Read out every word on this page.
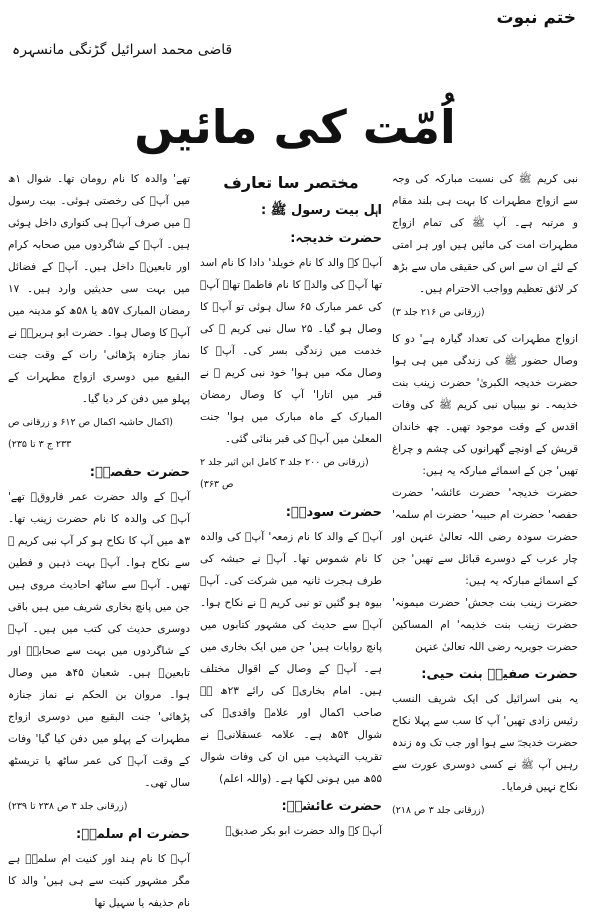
ختم نبوت
قاضی محمد اسرائیل گڑنگی مانسہرہ
اُمّت کی مائیں

نبی کریم ﷺ کی نسبت مبارکہ کی وجہ سے ازواج مطہرات کا بہت ہی بلند مقام و مرتبہ ہے۔ آپ ﷺ کی تمام ازواج مطہرات امت کی مائیں ہیں اور ہر امتی کے لئے ان سے اس کی حقیقی ماں سے بڑھ کر لائق تعظیم وواجب الاحترام ہیں۔

(زرقانی ص ۲۱۶ جلد ۳)

ازواج مطہرات کی تعداد گیارہ ہے' دو کا وصال حضور ﷺ کی زندگی میں ہی ہوا حضرت خدیجہ الکبریٰ' حضرت زینب بنت خذیمہ۔ نو بیبیاں نبی کریم ﷺ کی وفات اقدس کے وقت موجود تھیں۔ چھ خاندان قریش کے اونچے گھرانوں کی چشم و چراغ تھیں' جن کے اسمائے مبارکہ یہ ہیں:

حضرت خدیجہ' حضرت عائشہ' حضرت حفصہ' حضرت ام حبیبہ' حضرت ام سلمہ' حضرت سودہ رضی اللہ تعالیٰ عنہن اور چار عرب کے دوسرے قبائل سے تھیں' جن کے اسمائے مبارکہ یہ ہیں:

حضرت زینب بنت جحش' حضرت میمونہ' حضرت زینب بنت خذیمہ' ام المساکین حضرت جویریہ رضی اللہ تعالیٰ عنہن

حضرت صفیہؓ بنت حیی:

یہ بنی اسرائیل کی ایک شریف النسب رئیس زادی تھیں' آپ کا سب سے پہلا نکاح حضرت خدیجہؓ سے ہوا اور جب تک وہ زندہ رہیں آپ ﷺ نے کسی دوسری عورت سے نکاح نہیں فرمایا۔

(زرقانی جلد ۳ ص ۲۱۸)
مختصر سا تعارف
اہل بیت رسول ﷺ :
حضرت خدیجہ:

آپؓ کے والد کا نام خویلد' دادا کا نام اسد تھا آپؓ کی والدہ کا نام فاطمہ تھا۔ آپؓ کی عمر مبارک ۶۵ سال ہوئی تو آپؓ کا وصال ہو گیا۔ ۲۵ سال نبی کریم ﷺ کی خدمت میں زندگی بسر کی۔ آپؓ کا وصال مکہ میں ہوا' خود نبی کریم ﷺ نے قبر میں اتارا' آپ کا وصال رمضان المبارک کے ماہ مبارک میں ہوا' جنت المعلیٰ میں آپؓ کی قبر بنائی گئی۔

(زرقانی ص ۲۰۰ جلد ۳ کامل ابن اثیر جلد ۲ ص ۳۶۳)
حضرت سودہؓ:

آپؓ کے والد کا نام زمعہ' آپؓ کی والدہ کا نام شموس تھا۔ آپؓ نے حبشہ کی طرف ہجرت ثانیہ میں شرکت کی۔ آپؓ بیوہ ہو گئیں تو نبی کریم ﷺ نے نکاح ہوا۔ آپؓ سے حدیث کی مشہور کتابوں میں پانچ روایات ہیں' جن میں ایک بخاری میں ہے۔ آپؓ کے وصال کے اقوال مختلف ہیں۔ امام بخاریؒ کی رائے ۲۳ھ ہے صاحب اکمال اور علامہ واقدیؒ کی شوال ۵۴ھ ہے۔ علامہ عسقلانیؒ نے تقریب التہذیب میں ان کی وفات شوال ۵۵ھ میں ہونی لکھا ہے۔ (واللہ اعلم)

حضرت عائشہؓ:

آپؓ کے والد حضرت ابو بکر صدیقؓ

تھے' والدہ کا نام رومان تھا۔ شوال ۱ھ میں آپؓ کی رخصتی ہوئی۔ بیت رسول ﷺ میں صرف آپؓ ہی کنواری داخل ہوئی ہیں۔ آپؓ کے شاگردوں میں صحابہ کرام اور تابعینؒ داخل ہیں۔ آپؓ کے فضائل میں بہت سی حدیثیں وارد ہیں۔ ۱۷ رمضان المبارک ۵۷ھ یا ۵۸ھ کو مدینہ میں آپؓ کا وصال ہوا۔ حضرت ابو ہریرہؓ نے نماز جنازہ پڑھائی' رات کے وقت جنت البقیع میں دوسری ازواج مطہرات کے پہلو میں دفن کر دیا گیا۔

(اکمال حاشیہ اکمال ص ۶۱۲ و زرقانی ص ۲۳۳ ج ۳ تا ۲۳۵)
حضرت حفصہؓ:

آپؓ کے والد حضرت عمر فاروقؓ تھے' آپؓ کی والدہ کا نام حضرت زینب تھا۔ ۳ھ میں آپ کا نکاح ہو کر آپ نبی کریم ﷺ سے نکاح ہوا۔ آپؓ بہت ذہین و فطین تھیں۔ آپؓ سے ساٹھ احادیث مروی ہیں جن میں پانچ بخاری شریف میں ہیں باقی دوسری حدیث کی کتب میں ہیں۔ آپؓ کے شاگردوں میں بہت سے صحابہؓ اور تابعینؒ ہیں۔ شعبان ۴۵ھ میں وصال ہوا۔ مروان بن الحکم نے نماز جنازہ پڑھائی' جنت البقیع میں دوسری ازواج مطہرات کے پہلو میں دفن کیا گیا' وفات کے وقت آپؓ کی عمر ساٹھ یا تریسٹھ سال تھی۔

(زرقانی جلد ۳ ص ۲۳۸ تا ۲۳۹)
حضرت ام سلمہؓ:

آپؓ کا نام ہند اور کنیت ام سلمہؓ ہے مگر مشہور کنیت سے ہی ہیں' والد کا نام حذیفہ یا سہیل تھا
